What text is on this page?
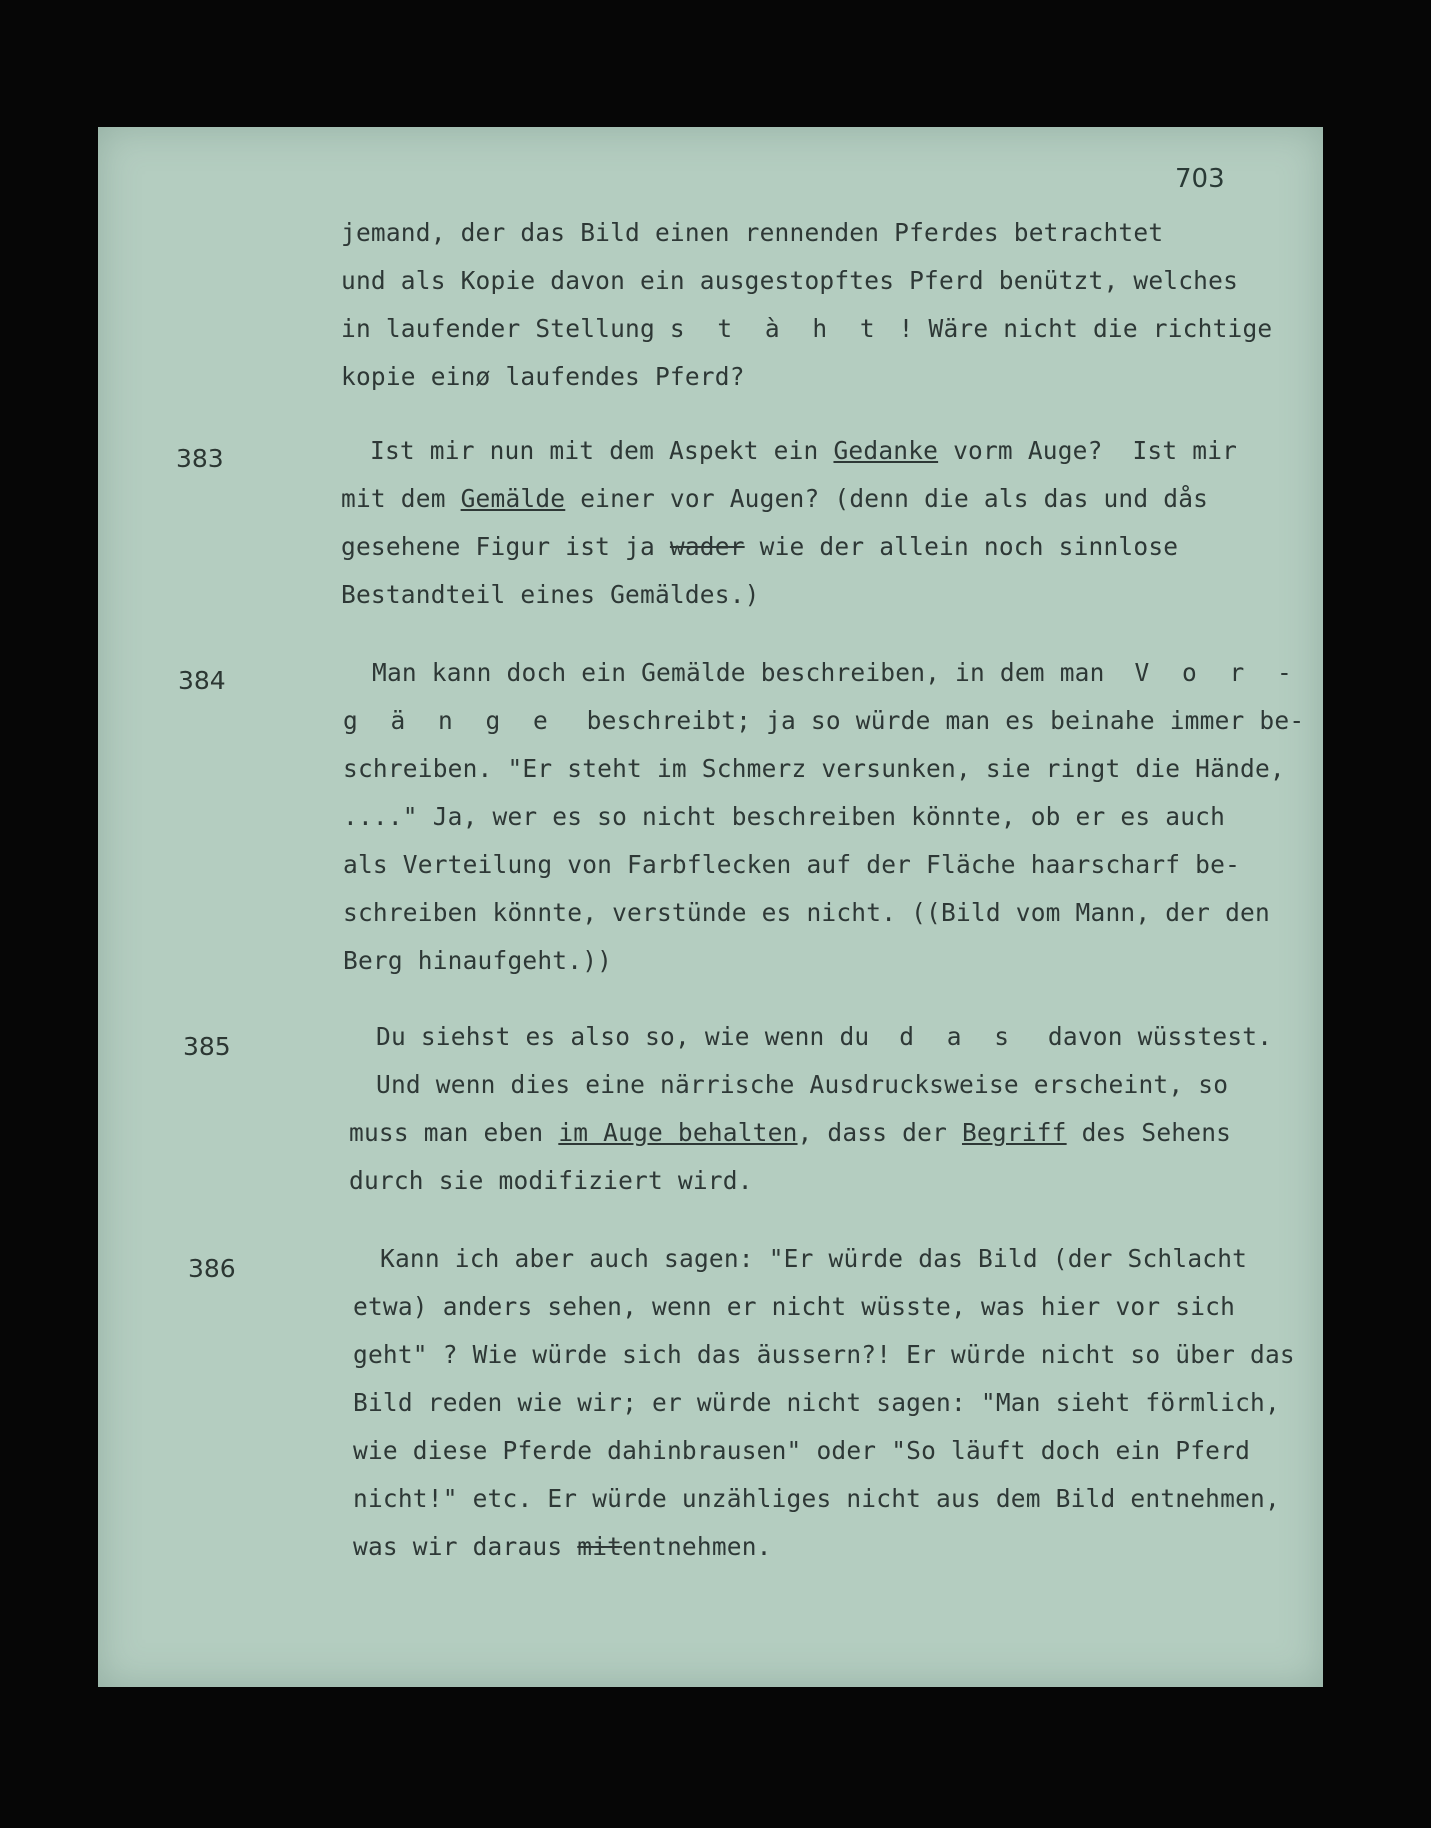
703
jemand, der das Bild einen rennenden Pferdes betrachtet
und als Kopie davon ein ausgestopftes Pferd benützt, welches
in laufender Stellung s t à h t ! Wäre nicht die richtige
kopie einø laufendes Pferd?
383	Ist mir nun mit dem Aspekt ein Gedanke vorm Auge?  Ist mir
mit dem Gemälde einer vor Augen? (denn die als das und dås
gesehene Figur ist ja wader wie der allein noch sinnlose
Bestandteil eines Gemäldes.)
384	Man kann doch ein Gemälde beschreiben, in dem man  V o r -
g ä n g e  beschreibt; ja so würde man es beinahe immer be-
schreiben. "Er steht im Schmerz versunken, sie ringt die Hände,
...." Ja, wer es so nicht beschreiben könnte, ob er es auch
als Verteilung von Farbflecken auf der Fläche haarscharf be-
schreiben könnte, verstünde es nicht. ((Bild vom Mann, der den
Berg hinaufgeht.))
385	Du siehst es also so, wie wenn du  d a s  davon wüsstest.
Und wenn dies eine närrische Ausdrucksweise erscheint, so
muss man eben im Auge behalten, dass der Begriff des Sehens
durch sie modifiziert wird.
386	Kann ich aber auch sagen: "Er würde das Bild (der Schlacht
etwa) anders sehen, wenn er nicht wüsste, was hier vor sich
geht" ? Wie würde sich das äussern?! Er würde nicht so über das
Bild reden wie wir; er würde nicht sagen: "Man sieht förmlich,
wie diese Pferde dahinbrausen" oder "So läuft doch ein Pferd
nicht!" etc. Er würde unzähliges nicht aus dem Bild entnehmen,
was wir daraus mitentnehmen.
